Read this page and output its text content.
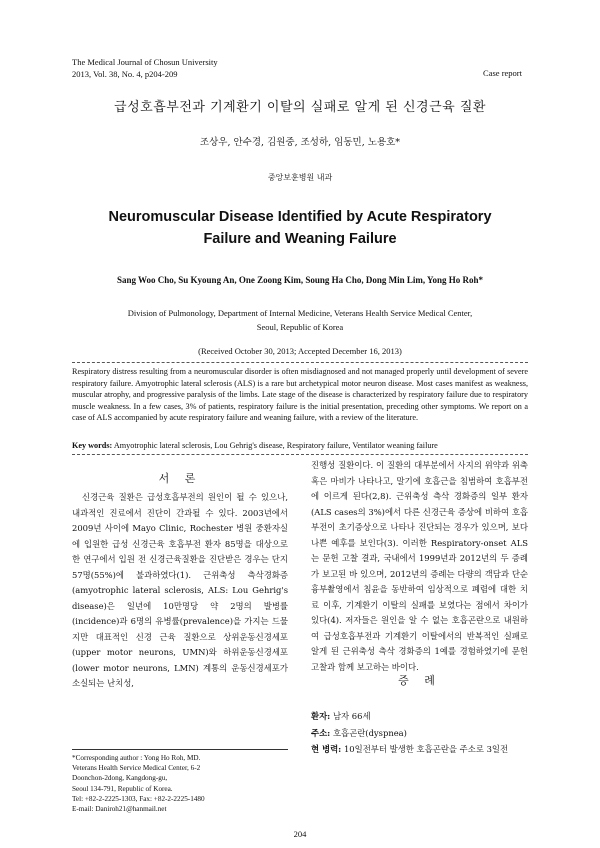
The Medical Journal of Chosun University
2013, Vol. 38, No. 4, p204-209	Case report
급성호흡부전과 기계환기 이탈의 실패로 알게 된 신경근육 질환
조상우, 안수경, 김원중, 조성하, 임동민, 노용호*
중앙보훈병원 내과
Neuromuscular Disease Identified by Acute Respiratory
Failure and Weaning Failure
Sang Woo Cho, Su Kyoung An, One Zoong Kim, Soung Ha Cho, Dong Min Lim, Yong Ho Roh*
Division of Pulmonology, Department of Internal Medicine, Veterans Health Service Medical Center,
Seoul, Republic of Korea
(Received October 30, 2013; Accepted December 16, 2013)

Respiratory distress resulting from a neuromuscular disorder is often misdiagnosed and not managed properly until development of severe respiratory failure. Amyotrophic lateral sclerosis (ALS) is a rare but archetypical motor neuron disease. Most cases manifest as weakness, muscular atrophy, and progressive paralysis of the limbs. Late stage of the disease is characterized by respiratory failure due to respiratory muscle weakness. In a few cases, 3% of patients, respiratory failure is the initial presentation, preceding other symptoms. We report on a case of ALS accompanied by acute respiratory failure and weaning failure, with a review of the literature.

Key words: Amyotrophic lateral sclerosis, Lou Gehrig's disease, Respiratory failure, Ventilator weaning failure
서 론

신경근육 질환은 급성호흡부전의 원인이 될 수 있으나, 내과적인 진료에서 진단이 간과될 수 있다. 2003년에서 2009년 사이에 Mayo Clinic, Rochester 병원 중환자실에 입원한 급성 신경근육 호흡부전 환자 85명을 대상으로 한 연구에서 입원 전 신경근육질환을 진단받은 경우는 단지 57명(55%)에 불과하였다(1). 근위축성 측삭경화증(amyotrophic lateral sclerosis, ALS: Lou Gehrig's disease)은 일년에 10만명당 약 2명의 발병률(incidence)과 6명의 유병률(prevalence)을 가지는 드물지만 대표적인 신경 근육 질환으로 상위운동신경세포(upper motor neurons, UMN)와 하위운동신경세포(lower motor neurons, LMN) 계통의 운동신경세포가 소실되는 난치성,

진행성 질환이다. 이 질환의 대부분에서 사지의 위약과 위축 혹은 마비가 나타나고, 말기에 호흡근을 침범하여 호흡부전에 이르게 된다(2,8). 근위축성 측삭 경화증의 일부 환자(ALS cases의 3%)에서 다른 신경근육 증상에 비하여 호흡부전이 초기증상으로 나타나 진단되는 경우가 있으며, 보다 나쁜 예후를 보인다(3). 이러한 Respiratory-onset ALS는 문헌 고찰 결과, 국내에서 1999년과 2012년의 두 증례가 보고된 바 있으며, 2012년의 증례는 다량의 객담과 단순흉부촬영에서 침윤을 동반하여 임상적으로 폐렴에 대한 치료 이후, 기계환기 이탈의 실패를 보였다는 점에서 차이가 있다(4). 저자들은 원인을 알 수 없는 호흡곤란으로 내원하여 급성호흡부전과 기계환기 이탈에서의 반복적인 실패로 알게 된 근위축성 측삭 경화증의 1예를 경험하였기에 문헌고찰과 함께 보고하는 바이다.

증 례
환자: 남자 66세
주소: 호흡곤란(dyspnea)
현 병력: 10일전부터 발생한 호흡곤란을 주소로 3일전
*Corresponding author : Yong Ho Roh, MD.
Veterans Health Service Medical Center, 6-2
Doonchon-2dong, Kangdong-gu,
Seoul 134-791, Republic of Korea.
Tel: +82-2-2225-1303, Fax: +82-2-2225-1480
E-mail: Daniroh21@hanmail.net
204
